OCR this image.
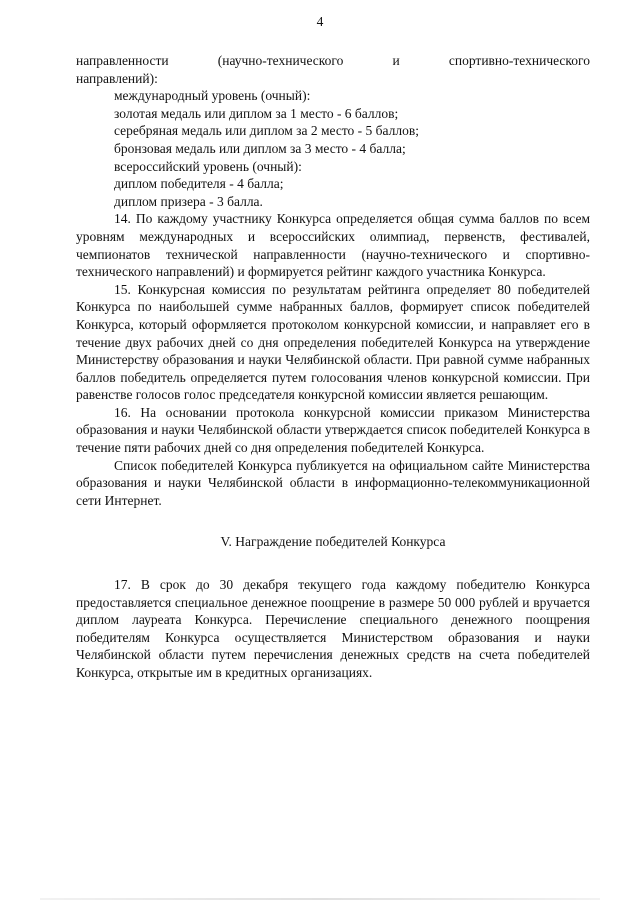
4

направленности (научно-технического и спортивно-технического

направлений):

международный уровень (очный):

золотая медаль или диплом за 1 место - 6 баллов;

серебряная медаль или диплом за 2 место - 5 баллов;

бронзовая медаль или диплом за 3 место - 4 балла;

всероссийский уровень (очный):

диплом победителя - 4 балла;

диплом призера - 3 балла.

14. По каждому участнику Конкурса определяется общая сумма баллов по всем уровням международных и всероссийских олимпиад, первенств, фестивалей, чемпионатов технической направленности (научно-технического и спортивно-технического направлений) и формируется рейтинг каждого участника Конкурса.

15. Конкурсная комиссия по результатам рейтинга определяет 80 победителей Конкурса по наибольшей сумме набранных баллов, формирует список победителей Конкурса, который оформляется протоколом конкурсной комиссии, и направляет его в течение двух рабочих дней со дня определения победителей Конкурса на утверждение Министерству образования и науки Челябинской области. При равной сумме набранных баллов победитель определяется путем голосования членов конкурсной комиссии. При равенстве голосов голос председателя конкурсной комиссии является решающим.

16. На основании протокола конкурсной комиссии приказом Министерства образования и науки Челябинской области утверждается список победителей Конкурса в течение пяти рабочих дней со дня определения победителей Конкурса.

Список победителей Конкурса публикуется на официальном сайте Министерства образования и науки Челябинской области в информационно-телекоммуникационной сети Интернет.

V. Награждение победителей Конкурса

17. В срок до 30 декабря текущего года каждому победителю Конкурса предоставляется специальное денежное поощрение в размере 50 000 рублей и вручается диплом лауреата Конкурса. Перечисление специального денежного поощрения победителям Конкурса осуществляется Министерством образования и науки Челябинской области путем перечисления денежных средств на счета победителей Конкурса, открытые им в кредитных организациях.
